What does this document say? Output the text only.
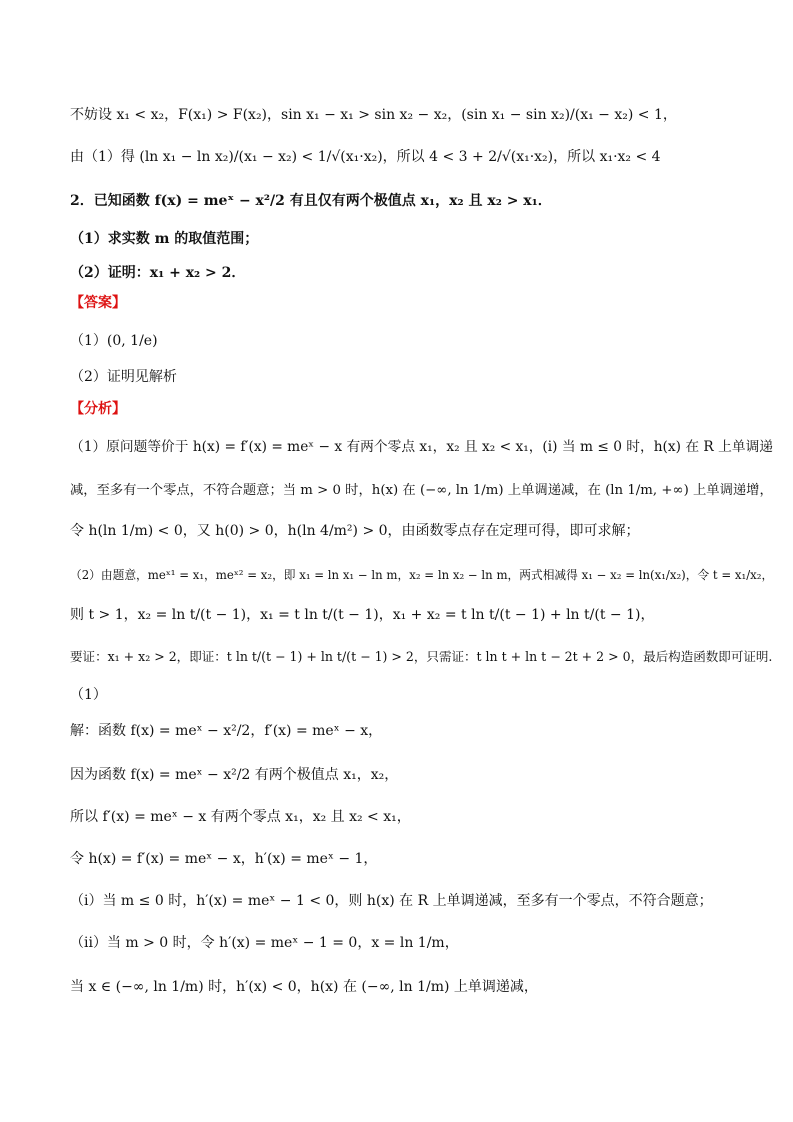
不妨设 x₁ < x₂，F(x₁) > F(x₂)，sin x₁ − x₁ > sin x₂ − x₂，(sin x₁ − sin x₂)/(x₁ − x₂) < 1，
由（1）得 (ln x₁ − ln x₂)/(x₁ − x₂) < 1/√(x₁·x₂)，所以 4 < 3 + 2/√(x₁·x₂)，所以 x₁·x₂ < 4
2．已知函数 f(x) = meˣ − x²/2 有且仅有两个极值点 x₁，x₂ 且 x₂ > x₁．
（1）求实数 m 的取值范围；
（2）证明：x₁ + x₂ > 2．
【答案】
（1）(0, 1/e)
（2）证明见解析
【分析】
（1）原问题等价于 h(x) = f′(x) = meˣ − x 有两个零点 x₁，x₂ 且 x₂ < x₁，(i) 当 m ≤ 0 时，h(x) 在 R 上单调递
减，至多有一个零点，不符合题意；当 m > 0 时，h(x) 在 (−∞, ln 1/m) 上单调递减，在 (ln 1/m, +∞) 上单调递增，
令 h(ln 1/m) < 0，又 h(0) > 0，h(ln 4/m²) > 0，由函数零点存在定理可得，即可求解；
（2）由题意，meˣ¹ = x₁，meˣ² = x₂，即 x₁ = ln x₁ − ln m，x₂ = ln x₂ − ln m，两式相减得 x₁ − x₂ = ln(x₁/x₂)，令 t = x₁/x₂，
则 t > 1，x₂ = ln t/(t − 1)，x₁ = t ln t/(t − 1)，x₁ + x₂ = t ln t/(t − 1) + ln t/(t − 1)，
要证：x₁ + x₂ > 2，即证：t ln t/(t − 1) + ln t/(t − 1) > 2，只需证：t ln t + ln t − 2t + 2 > 0，最后构造函数即可证明.
（1）
解：函数 f(x) = meˣ − x²/2，f′(x) = meˣ − x，
因为函数 f(x) = meˣ − x²/2 有两个极值点 x₁，x₂，
所以 f′(x) = meˣ − x 有两个零点 x₁，x₂ 且 x₂ < x₁，
令 h(x) = f′(x) = meˣ − x，h′(x) = meˣ − 1，
（i）当 m ≤ 0 时，h′(x) = meˣ − 1 < 0，则 h(x) 在 R 上单调递减，至多有一个零点，不符合题意；
（ii）当 m > 0 时，令 h′(x) = meˣ − 1 = 0，x = ln 1/m，
当 x ∈ (−∞, ln 1/m) 时，h′(x) < 0，h(x) 在 (−∞, ln 1/m) 上单调递减，
